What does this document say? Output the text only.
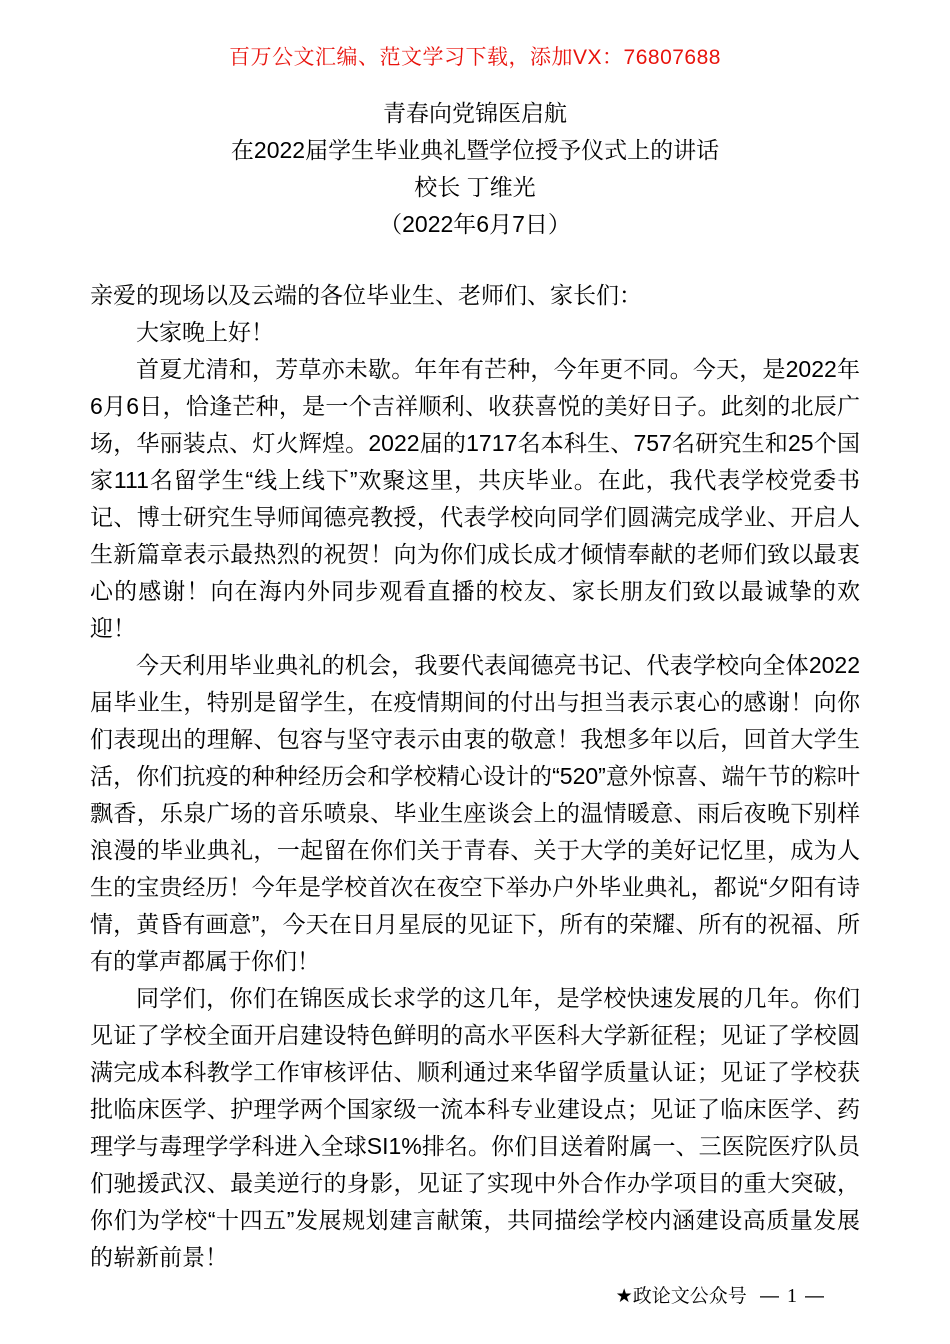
百万公文汇编、范文学习下载，添加VX：76807688
青春向党锦医启航
在2022届学生毕业典礼暨学位授予仪式上的讲话
校长 丁维光
（2022年6月7日）

亲爱的现场以及云端的各位毕业生、老师们、家长们：

大家晚上好！

首夏尤清和，芳草亦未歇。年年有芒种，今年更不同。今天，是2022年6月6日，恰逢芒种，是一个吉祥顺利、收获喜悦的美好日子。此刻的北辰广场，华丽装点、灯火辉煌。2022届的1717名本科生、757名研究生和25个国家111名留学生“线上线下”欢聚这里，共庆毕业。在此，我代表学校党委书记、博士研究生导师闻德亮教授，代表学校向同学们圆满完成学业、开启人生新篇章表示最热烈的祝贺！向为你们成长成才倾情奉献的老师们致以最衷心的感谢！向在海内外同步观看直播的校友、家长朋友们致以最诚挚的欢迎！

今天利用毕业典礼的机会，我要代表闻德亮书记、代表学校向全体2022届毕业生，特别是留学生，在疫情期间的付出与担当表示衷心的感谢！向你们表现出的理解、包容与坚守表示由衷的敬意！我想多年以后，回首大学生活，你们抗疫的种种经历会和学校精心设计的“520”意外惊喜、端午节的粽叶飘香，乐泉广场的音乐喷泉、毕业生座谈会上的温情暖意、雨后夜晚下别样浪漫的毕业典礼，一起留在你们关于青春、关于大学的美好记忆里，成为人生的宝贵经历！今年是学校首次在夜空下举办户外毕业典礼，都说“夕阳有诗情，黄昏有画意”，今天在日月星辰的见证下，所有的荣耀、所有的祝福、所有的掌声都属于你们！

同学们，你们在锦医成长求学的这几年，是学校快速发展的几年。你们见证了学校全面开启建设特色鲜明的高水平医科大学新征程；见证了学校圆满完成本科教学工作审核评估、顺利通过来华留学质量认证；见证了学校获批临床医学、护理学两个国家级一流本科专业建设点；见证了临床医学、药理学与毒理学学科进入全球SI1%排名。你们目送着附属一、三医院医疗队员们驰援武汉、最美逆行的身影，见证了实现中外合作办学项目的重大突破，你们为学校“十四五”发展规划建言献策，共同描绘学校内涵建设高质量发展的崭新前景！

★政论文公众号 — 1 —
